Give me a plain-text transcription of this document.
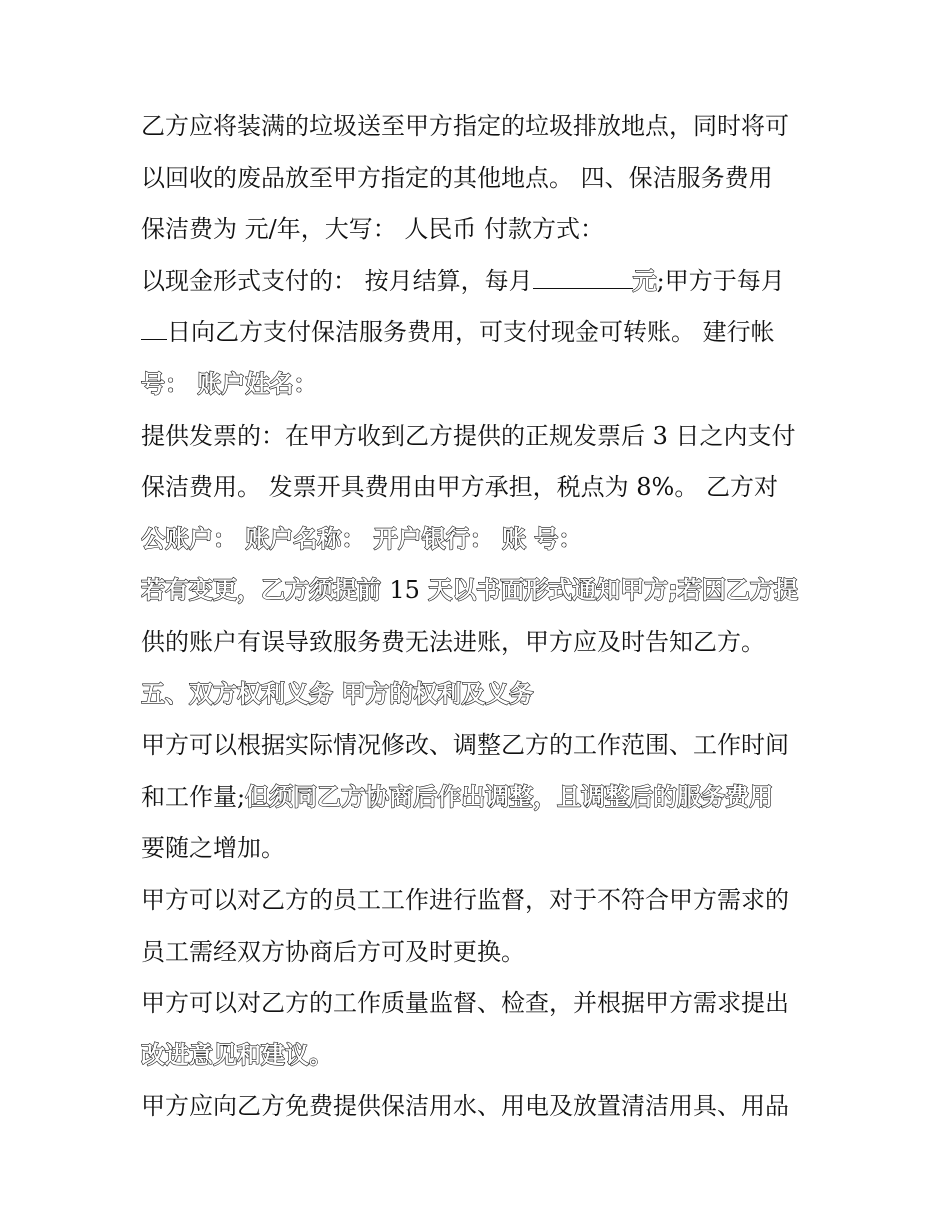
乙方应将装满的垃圾送至甲方指定的垃圾排放地点，同时将可
以回收的废品放至甲方指定的其他地点。 四、保洁服务费用
保洁费为 元/年，大写： 人民币 付款方式：
以现金形式支付的： 按月结算，每月	元;甲方于每月
日向乙方支付保洁服务费用，可支付现金可转账。 建行帐
号： 账户姓名：
提供发票的：在甲方收到乙方提供的正规发票后 3 日之内支付
保洁费用。 发票开具费用由甲方承担，税点为 8%。 乙方对
公账户： 账户名称： 开户银行： 账 号：
若有变更，乙方须提前 15 天以书面形式通知甲方;若因乙方提
供的账户有误导致服务费无法进账，甲方应及时告知乙方。
五、双方权利义务 甲方的权利及义务
甲方可以根据实际情况修改、调整乙方的工作范围、工作时间
和工作量;但须同乙方协商后作出调整，且调整后的服务费用
要随之增加。
甲方可以对乙方的员工工作进行监督，对于不符合甲方需求的
员工需经双方协商后方可及时更换。
甲方可以对乙方的工作质量监督、检查，并根据甲方需求提出
改进意见和建议。
甲方应向乙方免费提供保洁用水、用电及放置清洁用具、用品
